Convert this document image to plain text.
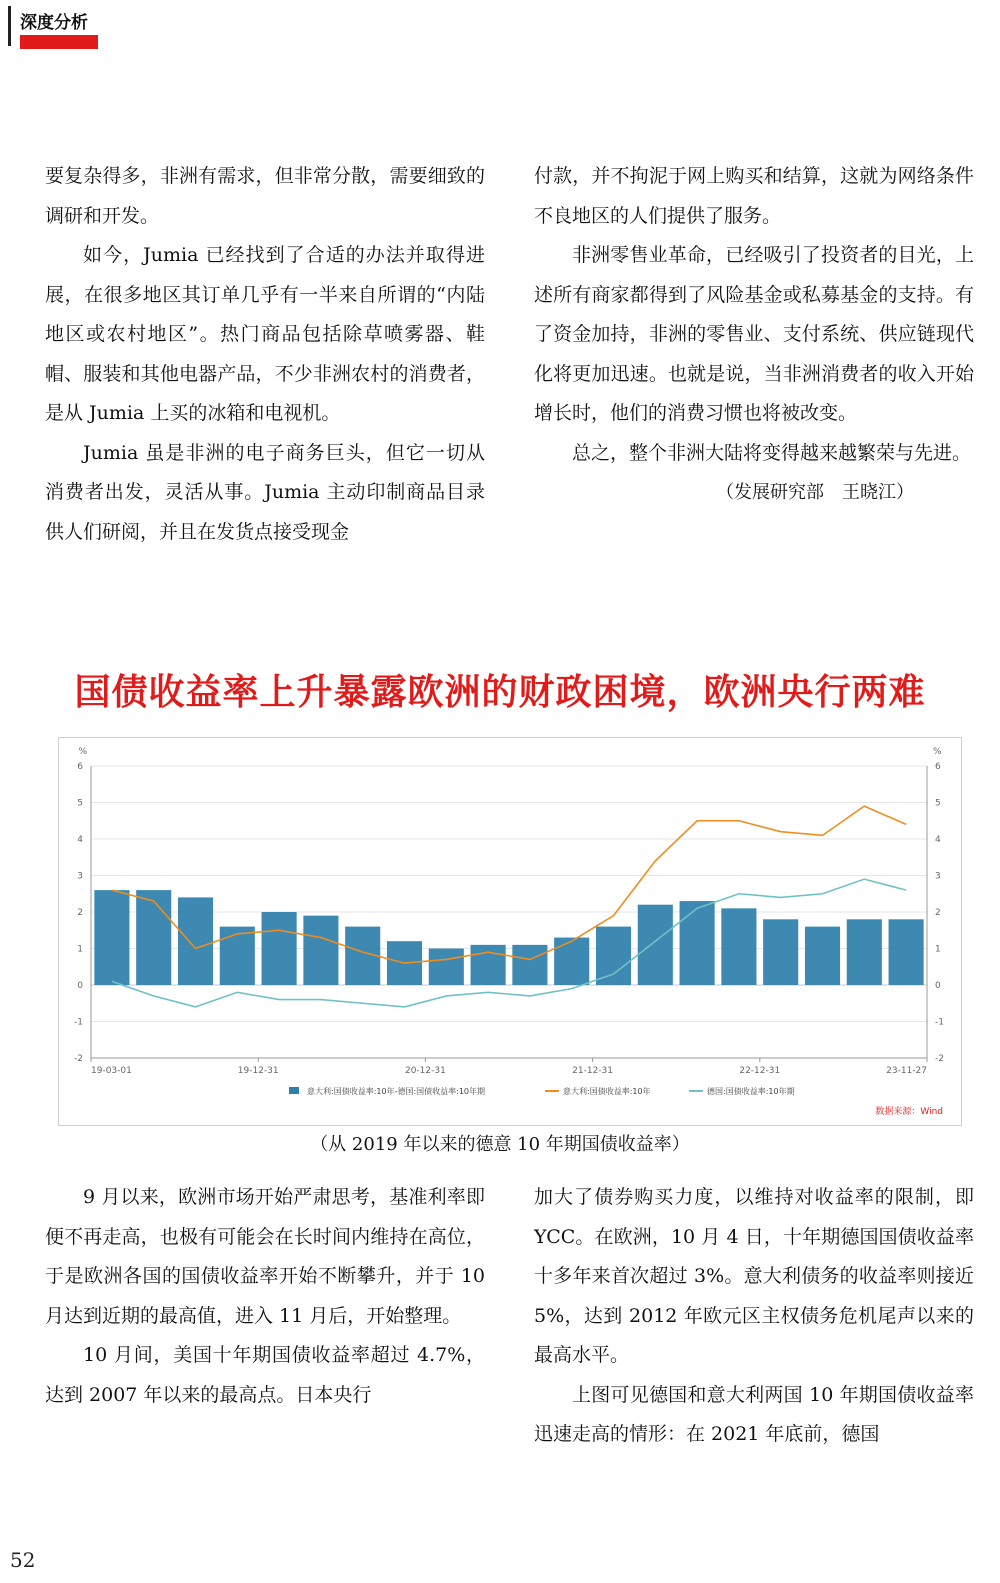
深度分析

要复杂得多，非洲有需求，但非常分散，需要细致的调研和开发。

如今，Jumia 已经找到了合适的办法并取得进展，在很多地区其订单几乎有一半来自所谓的“内陆地区或农村地区”。热门商品包括除草喷雾器、鞋帽、服装和其他电器产品，不少非洲农村的消费者，是从 Jumia 上买的冰箱和电视机。

Jumia 虽是非洲的电子商务巨头，但它一切从消费者出发，灵活从事。Jumia 主动印制商品目录供人们研阅，并且在发货点接受现金

付款，并不拘泥于网上购买和结算，这就为网络条件不良地区的人们提供了服务。

非洲零售业革命，已经吸引了投资者的目光，上述所有商家都得到了风险基金或私募基金的支持。有了资金加持，非洲的零售业、支付系统、供应链现代化将更加迅速。也就是说，当非洲消费者的收入开始增长时，他们的消费习惯也将被改变。

总之，整个非洲大陆将变得越来越繁荣与先进。

（发展研究部　王晓江）

国债收益率上升暴露欧洲的财政困境，欧洲央行两难
%	%
6	6
5	5
4	4
3	3
2	2
1	1
0	0
-1	-1
-2	-2
19-03-01	19-12-31	20-12-31	21-12-31	22-12-31	23-11-27
意大利:国债收益率:10年-德国:国债收益率:10年期	意大利:国债收益率:10年	德国:国债收益率:10年期
数据来源：Wind
（从 2019 年以来的德意 10 年期国债收益率）

9 月以来，欧洲市场开始严肃思考，基准利率即便不再走高，也极有可能会在长时间内维持在高位，于是欧洲各国的国债收益率开始不断攀升，并于 10 月达到近期的最高值，进入 11 月后，开始整理。

10 月间，美国十年期国债收益率超过 4.7%，达到 2007 年以来的最高点。日本央行

加大了债券购买力度，以维持对收益率的限制，即 YCC。在欧洲，10 月 4 日，十年期德国国债收益率十多年来首次超过 3%。意大利债务的收益率则接近 5%，达到 2012 年欧元区主权债务危机尾声以来的最高水平。

上图可见德国和意大利两国 10 年期国债收益率迅速走高的情形：在 2021 年底前，德国

52
